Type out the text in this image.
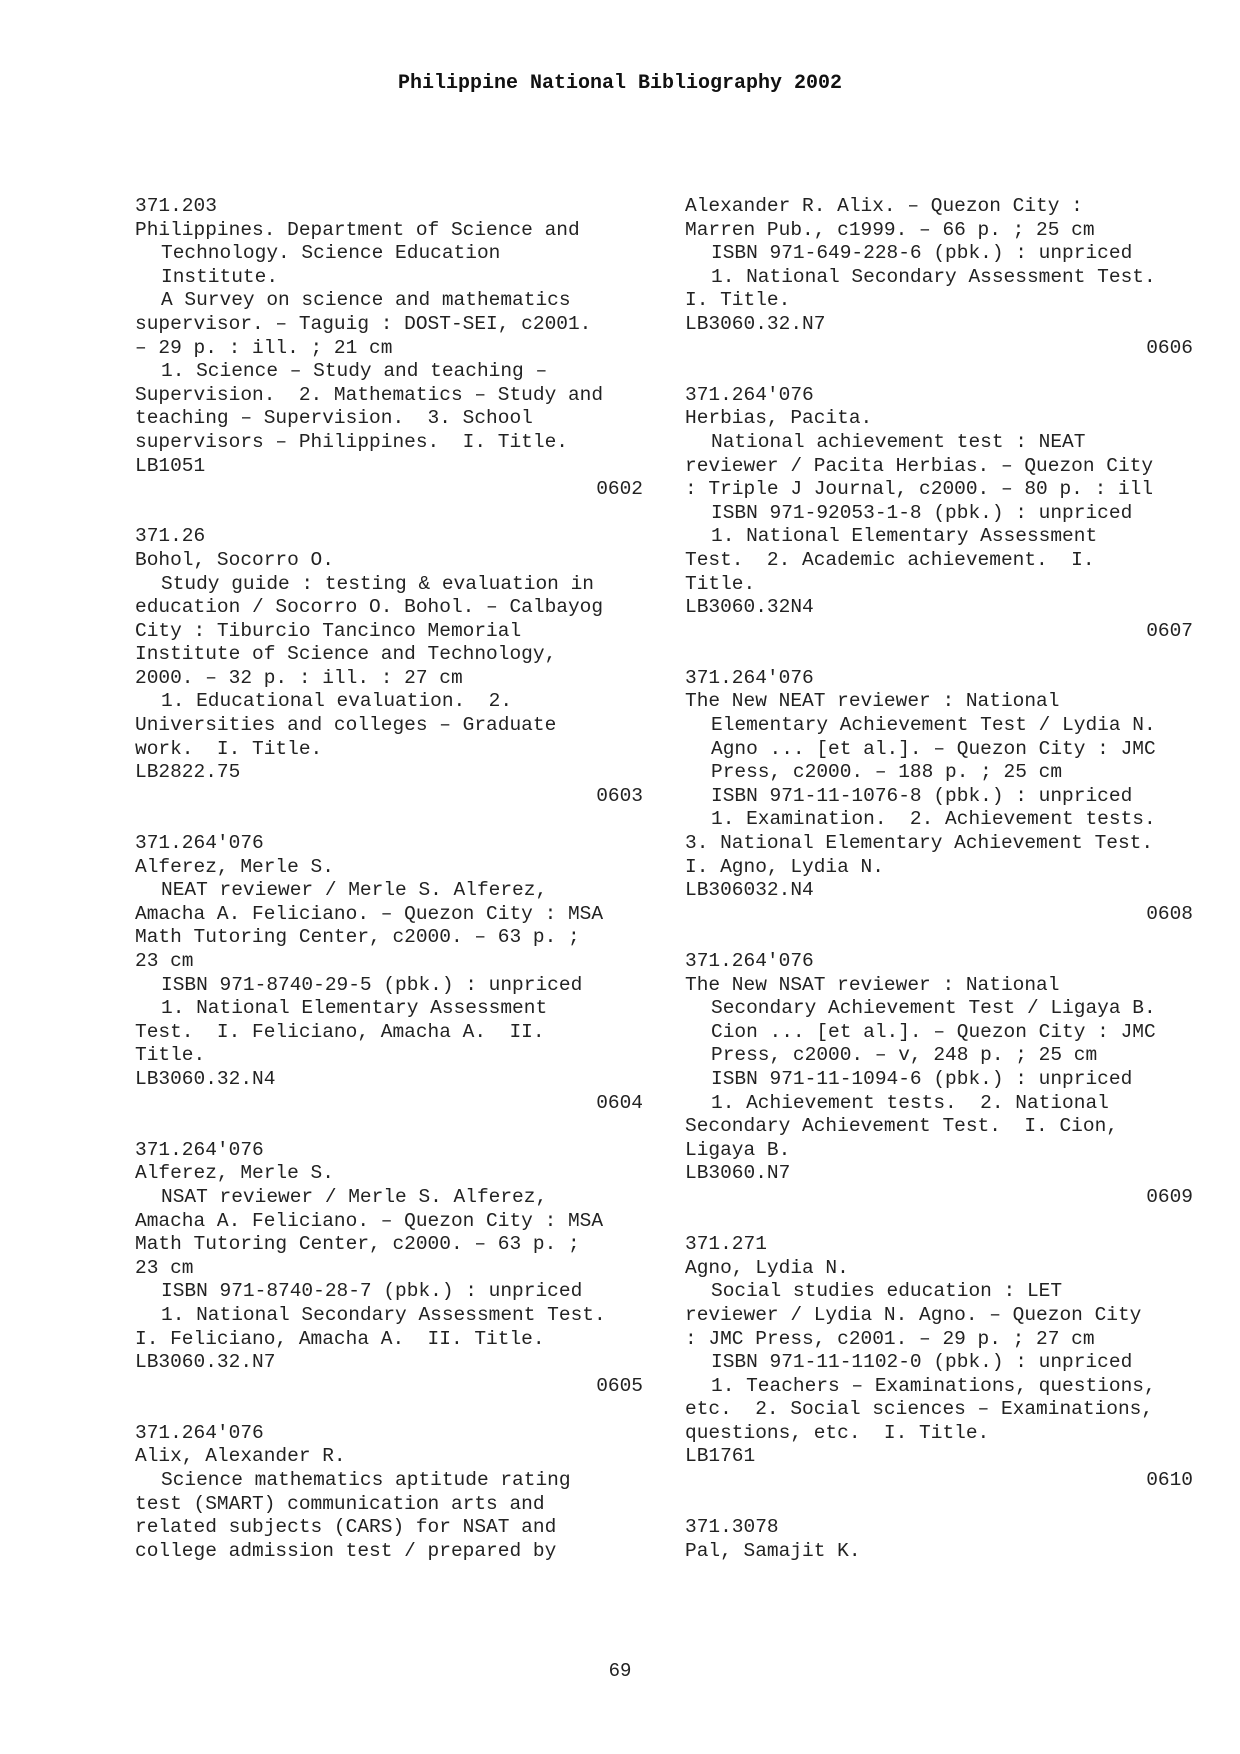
Philippine National Bibliography 2002
371.203
Philippines. Department of Science and
Technology. Science Education
Institute.
A Survey on science and mathematics
supervisor. – Taguig : DOST-SEI, c2001.
– 29 p. : ill. ; 21 cm
1. Science – Study and teaching –
Supervision.  2. Mathematics – Study and
teaching – Supervision.  3. School
supervisors – Philippines.  I. Title.
LB1051
0602
371.26
Bohol, Socorro O.
Study guide : testing & evaluation in
education / Socorro O. Bohol. – Calbayog
City : Tiburcio Tancinco Memorial
Institute of Science and Technology,
2000. – 32 p. : ill. : 27 cm
1. Educational evaluation.  2.
Universities and colleges – Graduate
work.  I. Title.
LB2822.75
0603
371.264'076
Alferez, Merle S.
NEAT reviewer / Merle S. Alferez,
Amacha A. Feliciano. – Quezon City : MSA
Math Tutoring Center, c2000. – 63 p. ;
23 cm
ISBN 971-8740-29-5 (pbk.) : unpriced
1. National Elementary Assessment
Test.  I. Feliciano, Amacha A.  II.
Title.
LB3060.32.N4
0604
371.264'076
Alferez, Merle S.
NSAT reviewer / Merle S. Alferez,
Amacha A. Feliciano. – Quezon City : MSA
Math Tutoring Center, c2000. – 63 p. ;
23 cm
ISBN 971-8740-28-7 (pbk.) : unpriced
1. National Secondary Assessment Test.
I. Feliciano, Amacha A.  II. Title.
LB3060.32.N7
0605
371.264'076
Alix, Alexander R.
Science mathematics aptitude rating
test (SMART) communication arts and
related subjects (CARS) for NSAT and
college admission test / prepared by
Alexander R. Alix. – Quezon City :
Marren Pub., c1999. – 66 p. ; 25 cm
ISBN 971-649-228-6 (pbk.) : unpriced
1. National Secondary Assessment Test.
I. Title.
LB3060.32.N7
0606
371.264'076
Herbias, Pacita.
National achievement test : NEAT
reviewer / Pacita Herbias. – Quezon City
: Triple J Journal, c2000. – 80 p. : ill
ISBN 971-92053-1-8 (pbk.) : unpriced
1. National Elementary Assessment
Test.  2. Academic achievement.  I.
Title.
LB3060.32N4
0607
371.264'076
The New NEAT reviewer : National
Elementary Achievement Test / Lydia N.
Agno ... [et al.]. – Quezon City : JMC
Press, c2000. – 188 p. ; 25 cm
ISBN 971-11-1076-8 (pbk.) : unpriced
1. Examination.  2. Achievement tests.
3. National Elementary Achievement Test.
I. Agno, Lydia N.
LB306032.N4
0608
371.264'076
The New NSAT reviewer : National
Secondary Achievement Test / Ligaya B.
Cion ... [et al.]. – Quezon City : JMC
Press, c2000. – v, 248 p. ; 25 cm
ISBN 971-11-1094-6 (pbk.) : unpriced
1. Achievement tests.  2. National
Secondary Achievement Test.  I. Cion,
Ligaya B.
LB3060.N7
0609
371.271
Agno, Lydia N.
Social studies education : LET
reviewer / Lydia N. Agno. – Quezon City
: JMC Press, c2001. – 29 p. ; 27 cm
ISBN 971-11-1102-0 (pbk.) : unpriced
1. Teachers – Examinations, questions,
etc.  2. Social sciences – Examinations,
questions, etc.  I. Title.
LB1761
0610
371.3078
Pal, Samajit K.
69
